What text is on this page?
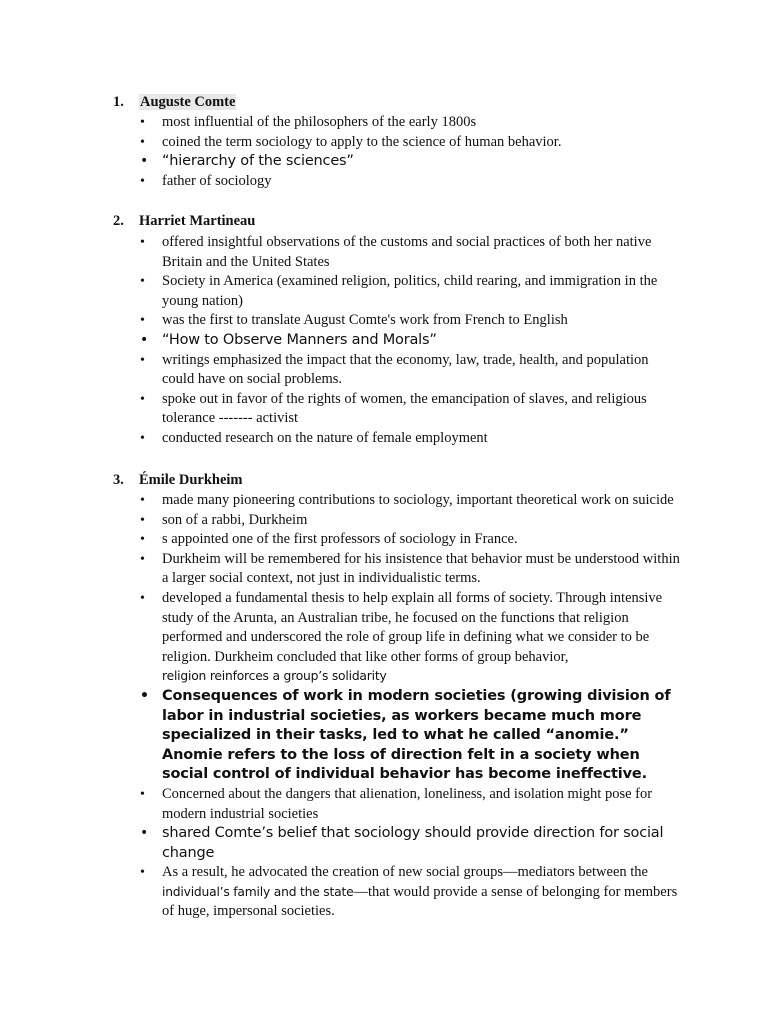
1. Auguste Comte
• most influential of the philosophers of the early 1800s
• coined the term sociology to apply to the science of human behavior.
• “hierarchy of the sciences”
• father of sociology
2. Harriet Martineau
• offered insightful observations of the customs and social practices of both her native Britain and the United States
• Society in America (examined religion, politics, child rearing, and immigration in the young nation)
• was the first to translate August Comte's work from French to English
• “How to Observe Manners and Morals”
• writings emphasized the impact that the economy, law, trade, health, and population could have on social problems.
• spoke out in favor of the rights of women, the emancipation of slaves, and religious tolerance ------- activist
• conducted research on the nature of female employment
3. Émile Durkheim
• made many pioneering contributions to sociology, important theoretical work on suicide
• son of a rabbi, Durkheim
• s appointed one of the first professors of sociology in France.
• Durkheim will be remembered for his insistence that behavior must be understood within a larger social context, not just in individualistic terms.
• developed a fundamental thesis to help explain all forms of society. Through intensive study of the Arunta, an Australian tribe, he focused on the functions that religion performed and underscored the role of group life in defining what we consider to be religion. Durkheim concluded that like other forms of group behavior,
religion reinforces a group’s solidarity
• Consequences of work in modern societies (growing division of labor in industrial societies, as workers became much more specialized in their tasks, led to what he called “anomie.” Anomie refers to the loss of direction felt in a society when social control of individual behavior has become ineffective.
• Concerned about the dangers that alienation, loneliness, and isolation might pose for modern industrial societies
• shared Comte’s belief that sociology should provide direction for social change
• As a result, he advocated the creation of new social groups—mediators between the individual’s family and the state—that would provide a sense of belonging for members of huge, impersonal societies.
